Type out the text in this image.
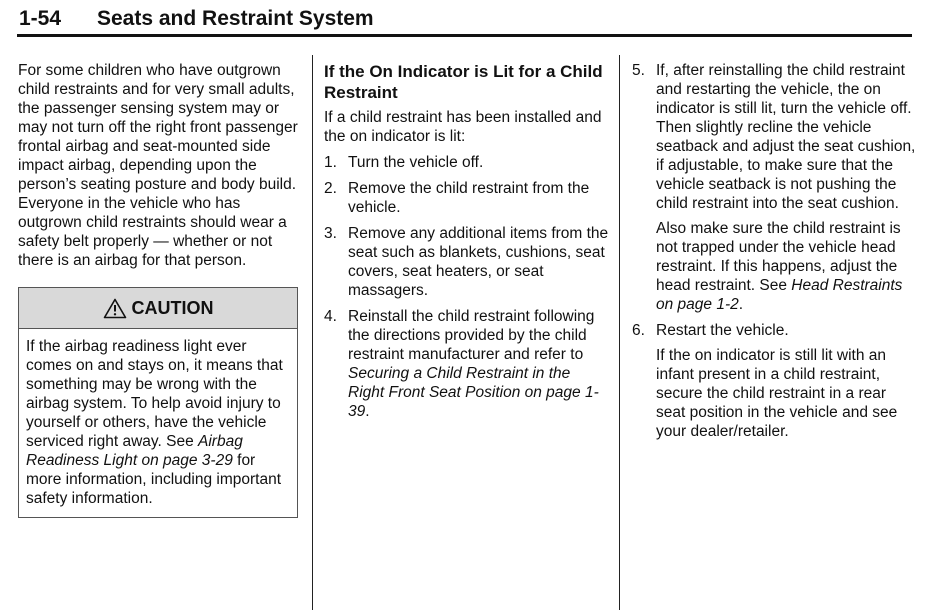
1-54 Seats and Restraint System

For some children who have outgrown child restraints and for very small adults, the passenger sensing system may or may not turn off the right front passenger frontal airbag and seat-mounted side impact airbag, depending upon the person’s seating posture and body build. Everyone in the vehicle who has outgrown child restraints should wear a safety belt properly — whether or not there is an airbag for that person.

CAUTION

If the airbag readiness light ever comes on and stays on, it means that something may be wrong with the airbag system. To help avoid injury to yourself or others, have the vehicle serviced right away. See Airbag Readiness Light on page 3-29 for more information, including important safety information.

If the On Indicator is Lit for a Child Restraint

If a child restraint has been installed and the on indicator is lit:

1. Turn the vehicle off.
2. Remove the child restraint from the vehicle.
3. Remove any additional items from the seat such as blankets, cushions, seat covers, seat heaters, or seat massagers.
4. Reinstall the child restraint following the directions provided by the child restraint manufacturer and refer to Securing a Child Restraint in the Right Front Seat Position on page 1-39.
5. If, after reinstalling the child restraint and restarting the vehicle, the on indicator is still lit, turn the vehicle off. Then slightly recline the vehicle seatback and adjust the seat cushion, if adjustable, to make sure that the vehicle seatback is not pushing the child restraint into the seat cushion.

Also make sure the child restraint is not trapped under the vehicle head restraint. If this happens, adjust the head restraint. See Head Restraints on page 1-2.

6. Restart the vehicle.

If the on indicator is still lit with an infant present in a child restraint, secure the child restraint in a rear seat position in the vehicle and see your dealer/retailer.
